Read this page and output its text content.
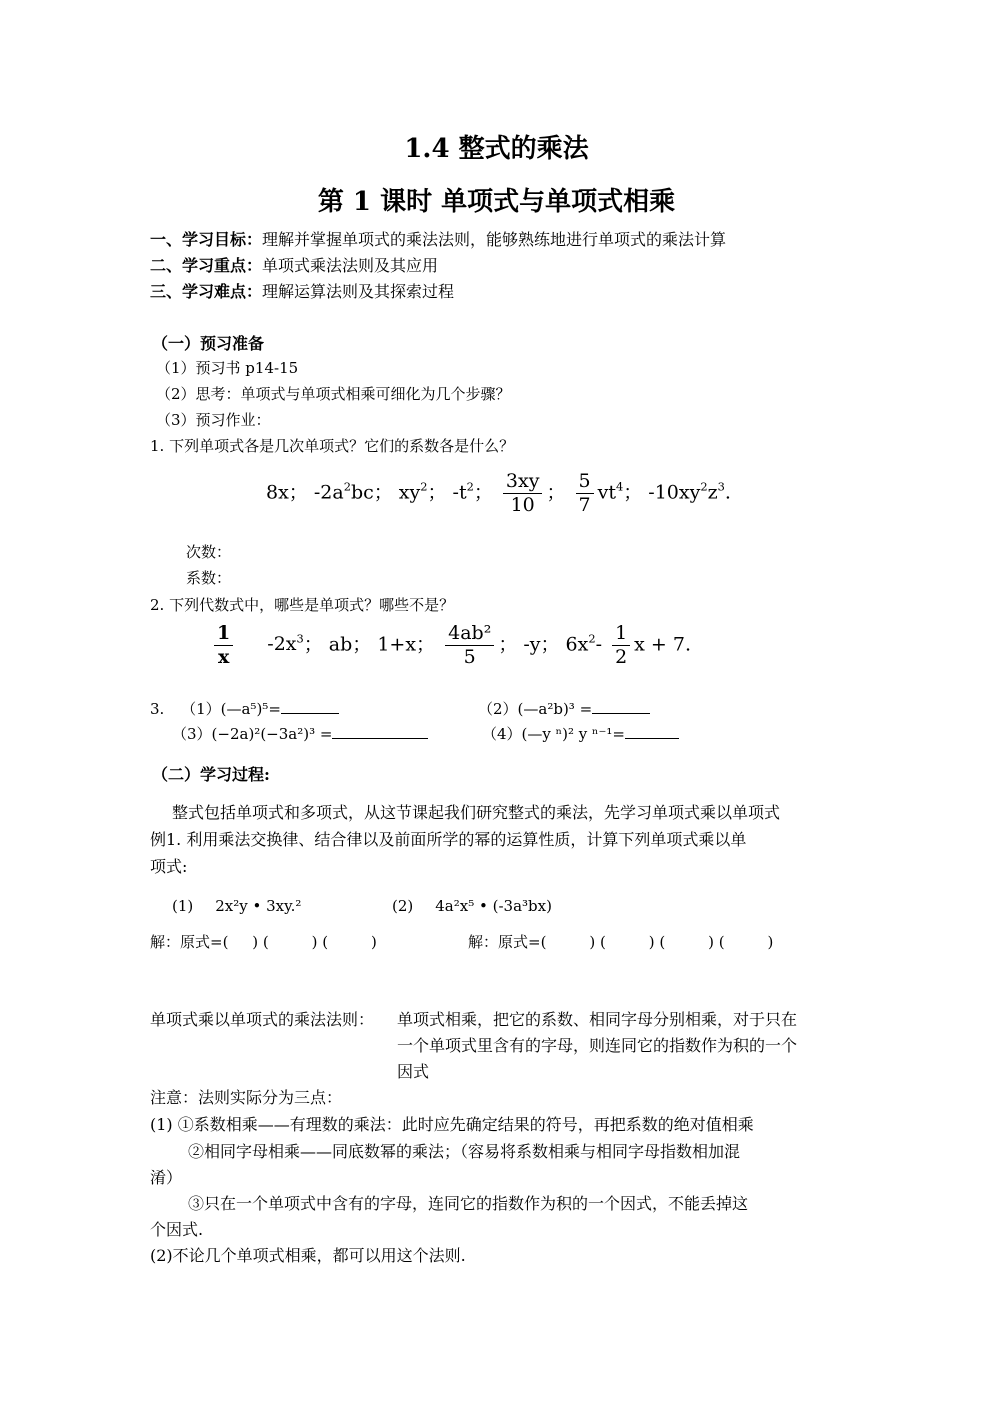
1.4 整式的乘法
第 1 课时 单项式与单项式相乘
一、学习目标：理解并掌握单项式的乘法法则，能够熟练地进行单项式的乘法计算
二、学习重点：单项式乘法法则及其应用
三、学习难点：理解运算法则及其探索过程
（一）预习准备
（1）预习书 p14-15
（2）思考：单项式与单项式相乘可细化为几个步骤？
（3）预习作业：
1. 下列单项式各是几次单项式？它们的系数各是什么？
8x； $-2a^2bc$； $xy^2$； $-t^2$； $\frac{3xy}{10}$ ； $\frac{5}{7} vt^4$； $-10xy^2z^3$.
次数：
系数：
2. 下列代数式中，哪些是单项式？哪些不是？
$\frac{1}{x} -2x^3$； ab； 1+x； $\frac{\text{4ab²}}{5}$ ； -y； $6x^2- \frac{1}{2}$ x + 7.
3. （1）(—a⁵)⁵=	（2）(—a²b)³ =
（3）(−2a)²(−3a²)³ =	（4）(—y ⁿ)² y ⁿ⁻¹=
（二）学习过程:
整式包括单项式和多项式，从这节课起我们研究整式的乘法，先学习单项式乘以单项式
例1. 利用乘法交换律、结合律以及前面所学的幂的运算性质，计算下列单项式乘以单
项式:
(1) 2x²y • 3xy.²	(2) 4a²x⁵ • (-3a³bx)
解：原式=(     ) (         ) (         )	解：原式=(         ) (         ) (         ) (         )
单项式乘以单项式的乘法法则： 单项式相乘，把它的系数、相同字母分别相乘，对于只在
一个单项式里含有的字母，则连同它的指数作为积的一个
因式
注意：法则实际分为三点：
(1) ①系数相乘——有理数的乘法：此时应先确定结果的符号，再把系数的绝对值相乘
②相同字母相乘——同底数幂的乘法；（容易将系数相乘与相同字母指数相加混
淆）
③只在一个单项式中含有的字母，连同它的指数作为积的一个因式，不能丢掉这
个因式.
(2)不论几个单项式相乘，都可以用这个法则.
